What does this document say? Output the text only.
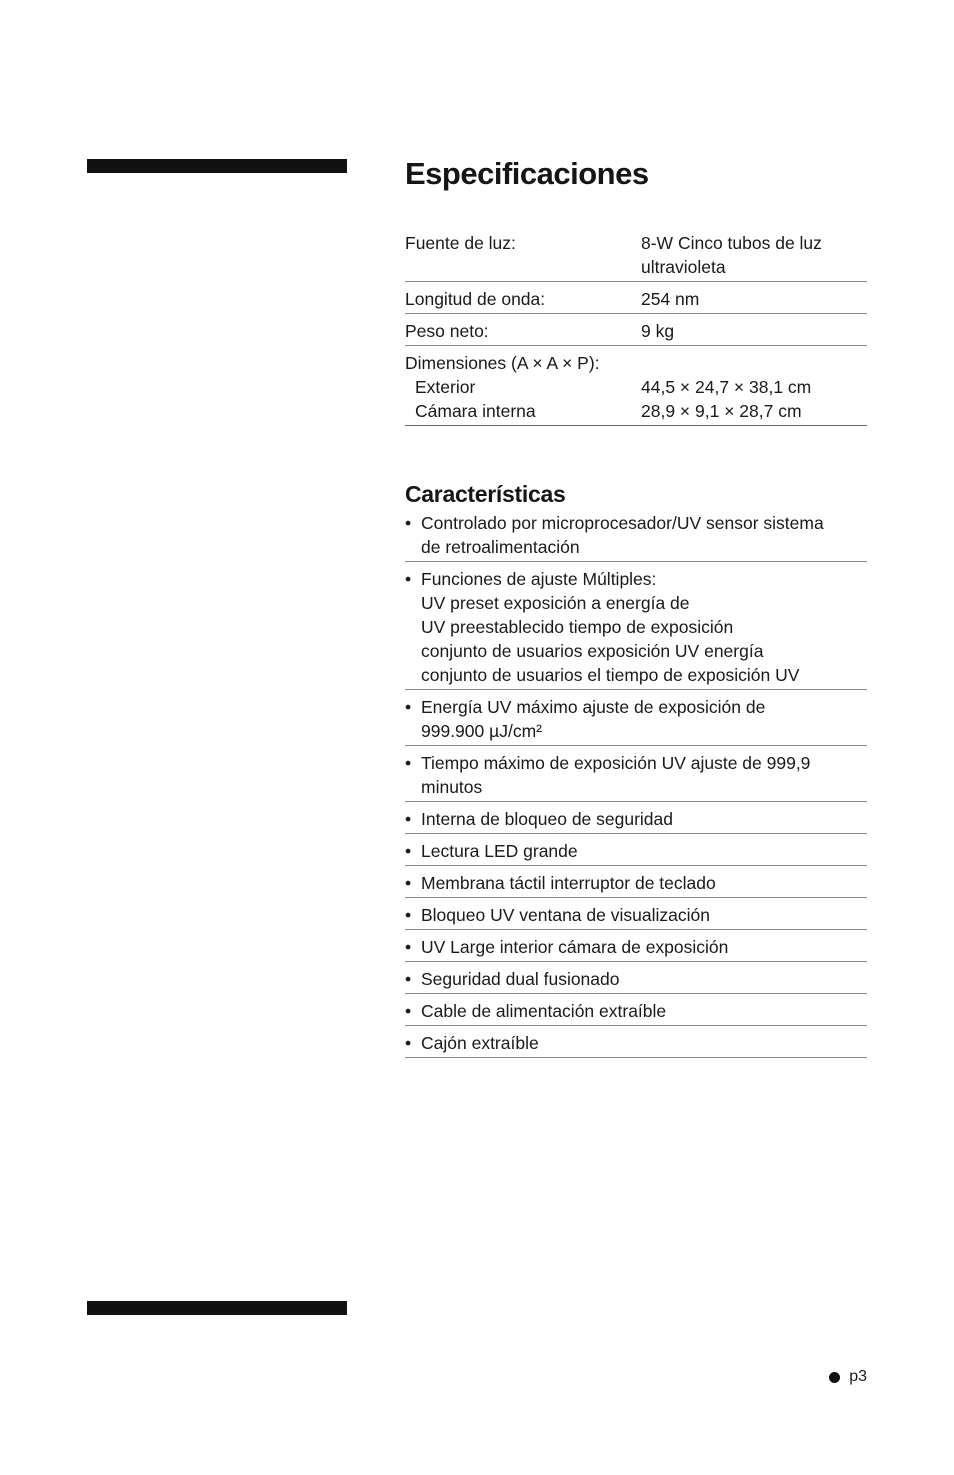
Especificaciones
Fuente de luz:	8-W Cinco tubos de luz
ultravioleta
Longitud de onda:	254 nm
Peso neto:	9 kg
Dimensiones (A × A × P):
Exterior	44,5 × 24,7 × 38,1 cm
Cámara interna	28,9 × 9,1 × 28,7 cm
Características
• Controlado por microprocesador/UV sensor sistema
de retroalimentación
• Funciones de ajuste Múltiples:
UV preset exposición a energía de
UV preestablecido tiempo de exposición
conjunto de usuarios exposición UV energía
conjunto de usuarios el tiempo de exposición UV
• Energía UV máximo ajuste de exposición de
999.900 µJ/cm²
• Tiempo máximo de exposición UV ajuste de 999,9
minutos
• Interna de bloqueo de seguridad
• Lectura LED grande
• Membrana táctil interruptor de teclado
• Bloqueo UV ventana de visualización
• UV Large interior cámara de exposición
• Seguridad dual fusionado
• Cable de alimentación extraíble
• Cajón extraíble
p3
